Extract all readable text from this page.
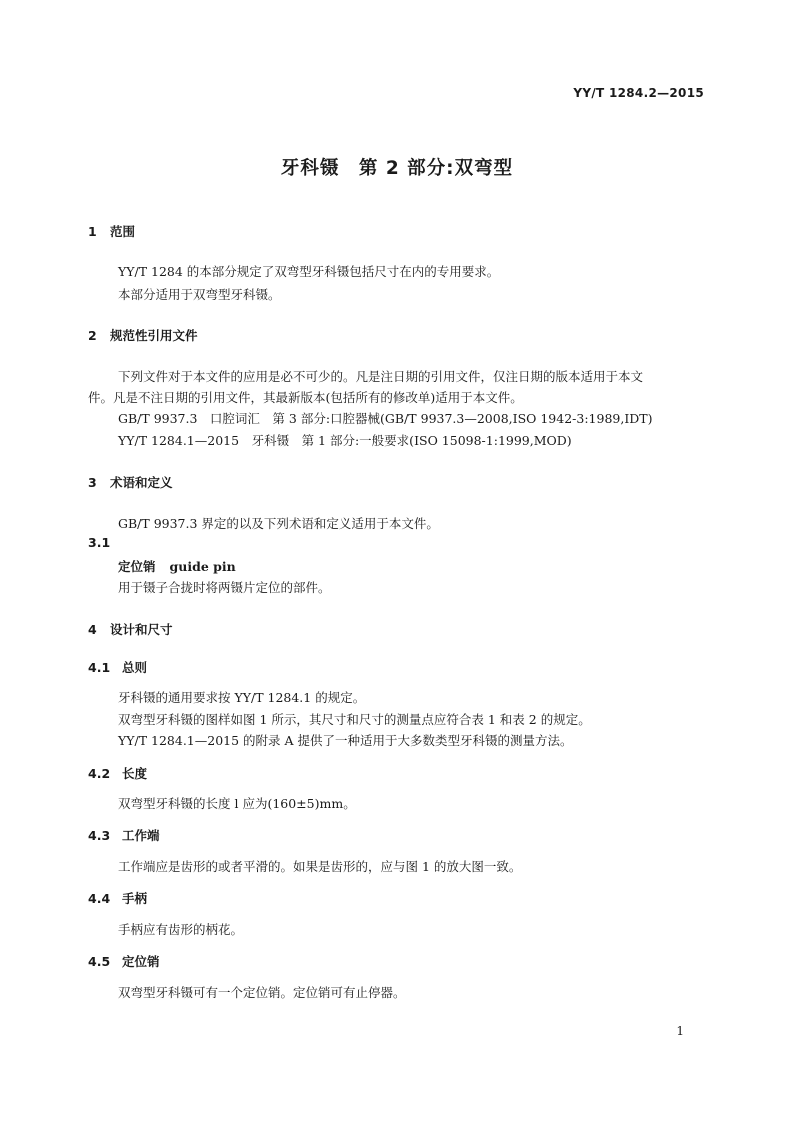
YY/T 1284.2—2015
牙科镊　第 2 部分:双弯型
1 范围
YY/T 1284 的本部分规定了双弯型牙科镊包括尺寸在内的专用要求。
本部分适用于双弯型牙科镊。
2 规范性引用文件
下列文件对于本文件的应用是必不可少的。凡是注日期的引用文件，仅注日期的版本适用于本文
件。凡是不注日期的引用文件，其最新版本(包括所有的修改单)适用于本文件。
GB/T 9937.3　口腔词汇　第 3 部分:口腔器械(GB/T 9937.3—2008,ISO 1942-3:1989,IDT)
YY/T 1284.1—2015　牙科镊　第 1 部分:一般要求(ISO 15098-1:1999,MOD)
3 术语和定义
GB/T 9937.3 界定的以及下列术语和定义适用于本文件。
3.1
定位销 guide pin
用于镊子合拢时将两镊片定位的部件。
4 设计和尺寸
4.1 总则
牙科镊的通用要求按 YY/T 1284.1 的规定。
双弯型牙科镊的图样如图 1 所示，其尺寸和尺寸的测量点应符合表 1 和表 2 的规定。
YY/T 1284.1—2015 的附录 A 提供了一种适用于大多数类型牙科镊的测量方法。
4.2 长度
双弯型牙科镊的长度 l 应为(160±5)mm。
4.3 工作端
工作端应是齿形的或者平滑的。如果是齿形的，应与图 1 的放大图一致。
4.4 手柄
手柄应有齿形的柄花。
4.5 定位销
双弯型牙科镊可有一个定位销。定位销可有止停器。
1
